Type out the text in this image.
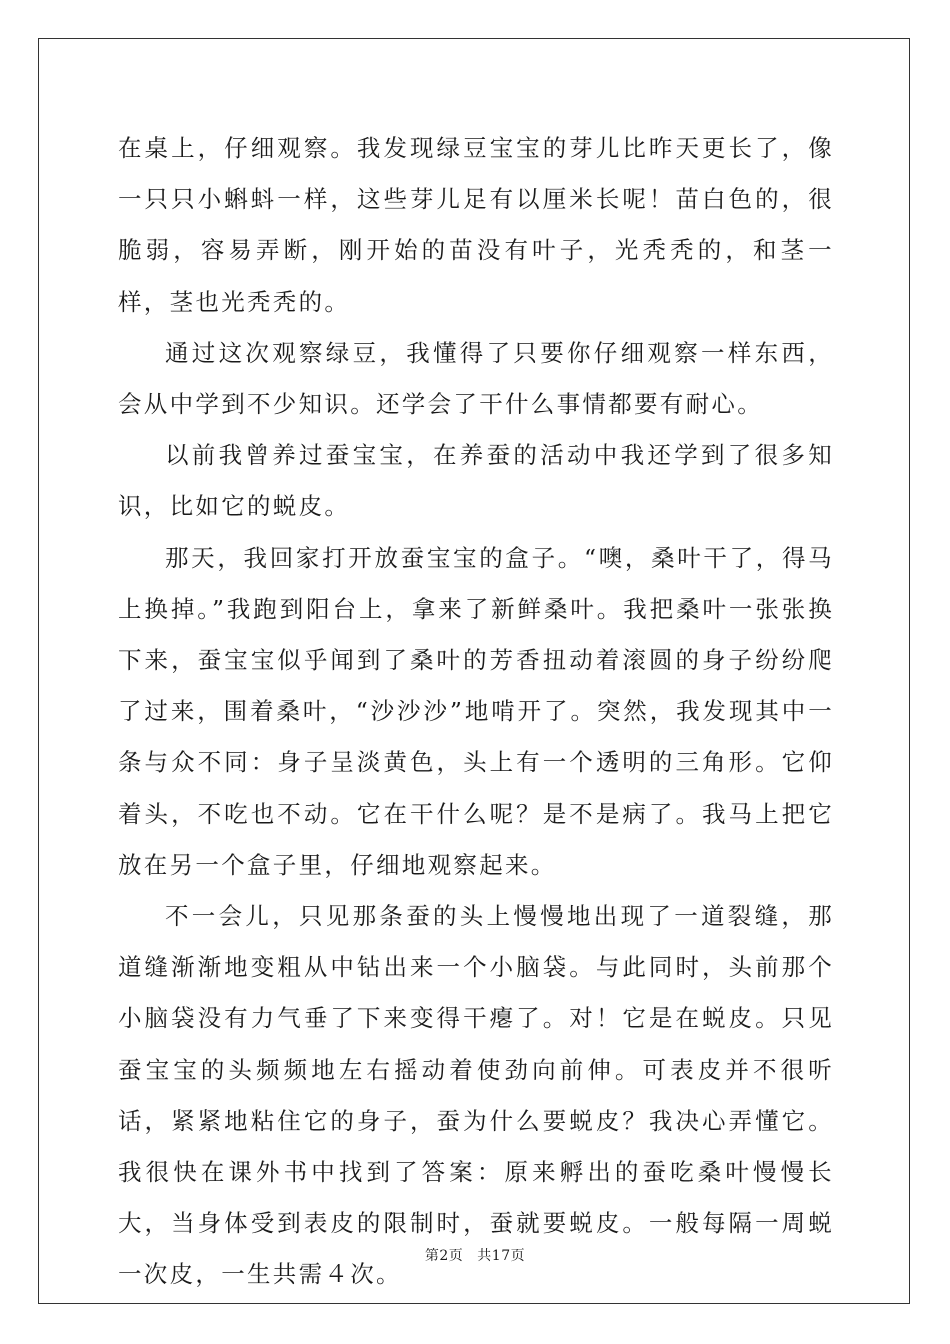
在桌上，仔细观察。我发现绿豆宝宝的芽儿比昨天更长了，像一只只小蝌蚪一样，这些芽儿足有以厘米长呢！苗白色的，很脆弱，容易弄断，刚开始的苗没有叶子，光秃秃的，和茎一样，茎也光秃秃的。

通过这次观察绿豆，我懂得了只要你仔细观察一样东西，会从中学到不少知识。还学会了干什么事情都要有耐心。

以前我曾养过蚕宝宝，在养蚕的活动中我还学到了很多知识，比如它的蜕皮。

那天，我回家打开放蚕宝宝的盒子。“噢，桑叶干了，得马上换掉。”我跑到阳台上，拿来了新鲜桑叶。我把桑叶一张张换下来，蚕宝宝似乎闻到了桑叶的芳香扭动着滚圆的身子纷纷爬了过来，围着桑叶，“沙沙沙”地啃开了。突然，我发现其中一条与众不同：身子呈淡黄色，头上有一个透明的三角形。它仰着头，不吃也不动。它在干什么呢？是不是病了。我马上把它放在另一个盒子里，仔细地观察起来。

不一会儿，只见那条蚕的头上慢慢地出现了一道裂缝，那道缝渐渐地变粗从中钻出来一个小脑袋。与此同时，头前那个小脑袋没有力气垂了下来变得干瘪了。对！它是在蜕皮。只见蚕宝宝的头频频地左右摇动着使劲向前伸。可表皮并不很听话，紧紧地粘住它的身子，蚕为什么要蜕皮？我决心弄懂它。我很快在课外书中找到了答案：原来孵出的蚕吃桑叶慢慢长大，当身体受到表皮的限制时，蚕就要蜕皮。一般每隔一周蜕一次皮，一生共需４次。

第2页 共17页
